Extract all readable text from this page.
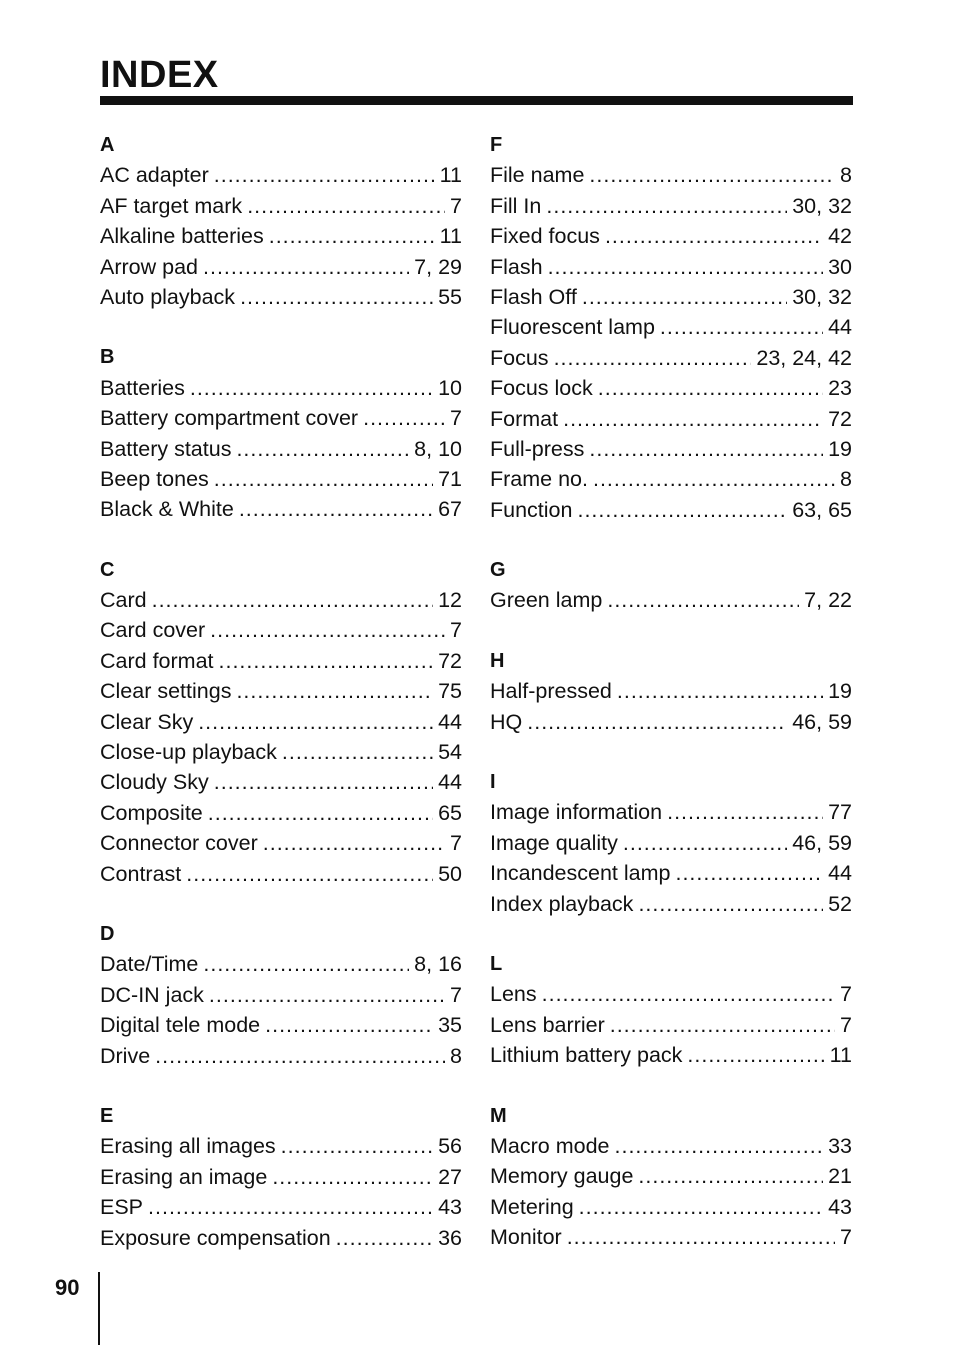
INDEX
A
AC adapter .....	11
AF target mark .....	7
Alkaline batteries .....	11
Arrow pad .....	7, 29
Auto playback .....	55
B
Batteries .....	10
Battery compartment cover .....	7
Battery status .....	8, 10
Beep tones .....	71
Black & White .....	67
C
Card .....	12
Card cover .....	7
Card format .....	72
Clear settings .....	75
Clear Sky .....	44
Close-up playback .....	54
Cloudy Sky .....	44
Composite .....	65
Connector cover .....	7
Contrast .....	50
D
Date/Time .....	8, 16
DC-IN jack .....	7
Digital tele mode .....	35
Drive .....	8
E
Erasing all images .....	56
Erasing an image .....	27
ESP .....	43
Exposure compensation .....	36
F
File name .....	8
Fill In .....	30, 32
Fixed focus .....	42
Flash .....	30
Flash Off .....	30, 32
Fluorescent lamp .....	44
Focus .....	23, 24, 42
Focus lock .....	23
Format .....	72
Full-press .....	19
Frame no. .....	8
Function .....	63, 65
G
Green lamp .....	7, 22
H
Half-pressed .....	19
HQ .....	46, 59
I
Image information .....	77
Image quality .....	46, 59
Incandescent lamp .....	44
Index playback .....	52
L
Lens .....	7
Lens barrier .....	7
Lithium battery pack .....	11
M
Macro mode .....	33
Memory gauge .....	21
Metering .....	43
Monitor .....	7
90
